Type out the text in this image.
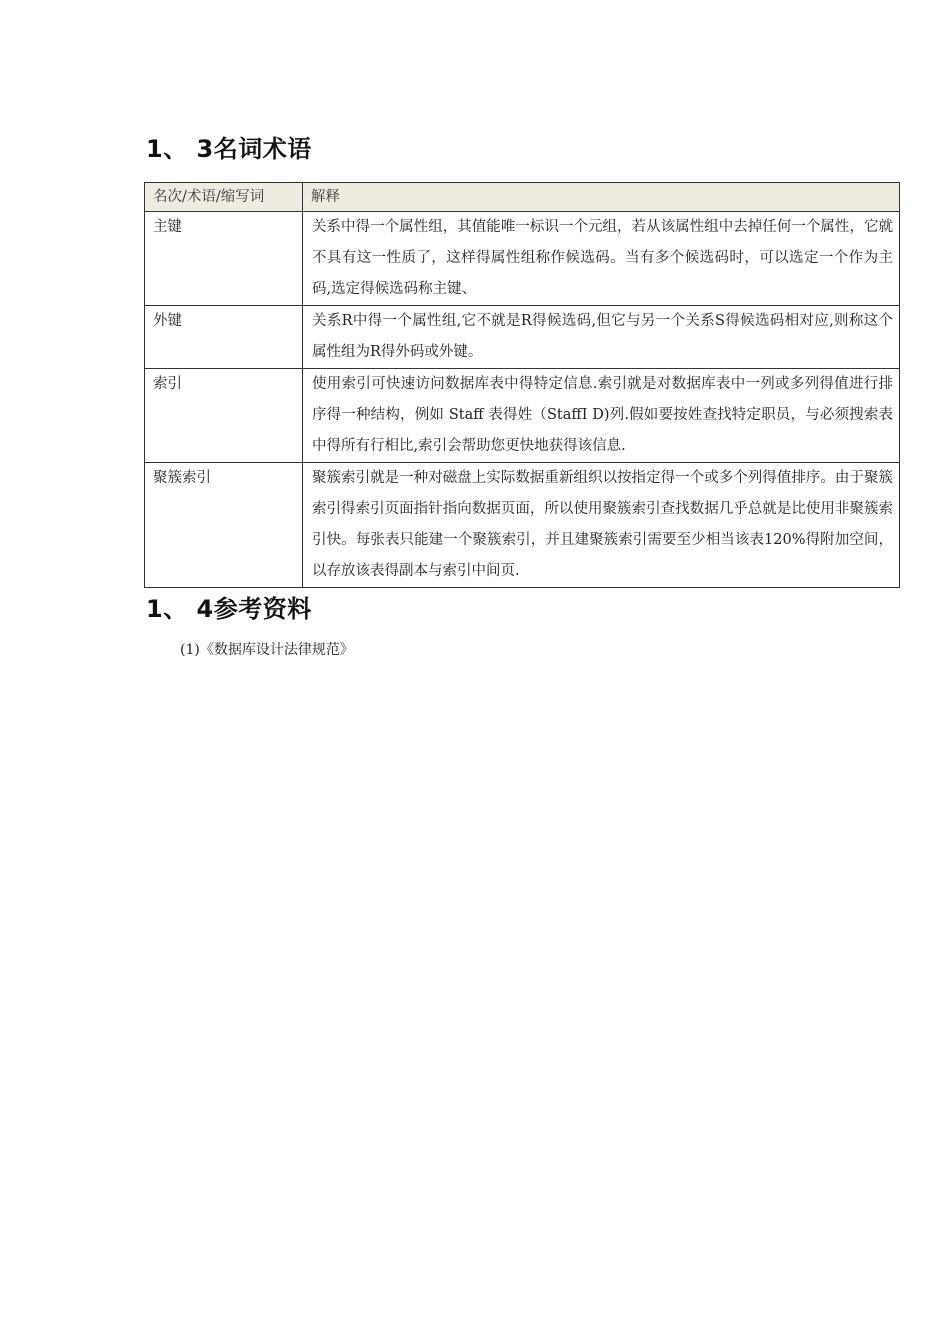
1、 3名词术语
名次/术语/缩写词	解释
主键	关系中得一个属性组，其值能唯一标识一个元组，若从该属性组中去掉任何一个属性，它就不具有这一性质了，这样得属性组称作候选码。当有多个候选码时，可以选定一个作为主码,选定得候选码称主键、
外键	关系R中得一个属性组,它不就是R得候选码,但它与另一个关系S得候选码相对应,则称这个属性组为R得外码或外键。
索引	使用索引可快速访问数据库表中得特定信息.索引就是对数据库表中一列或多列得值进行排序得一种结构，例如 Staff 表得姓（StaffI D)列.假如要按姓查找特定职员，与必须搜索表中得所有行相比,索引会帮助您更快地获得该信息.
聚簇索引	聚簇索引就是一种对磁盘上实际数据重新组织以按指定得一个或多个列得值排序。由于聚簇索引得索引页面指针指向数据页面，所以使用聚簇索引查找数据几乎总就是比使用非聚簇索引快。每张表只能建一个聚簇索引，并且建聚簇索引需要至少相当该表120%得附加空间，以存放该表得副本与索引中间页.
1、 4参考资料
(1)《数据库设计法律规范》
